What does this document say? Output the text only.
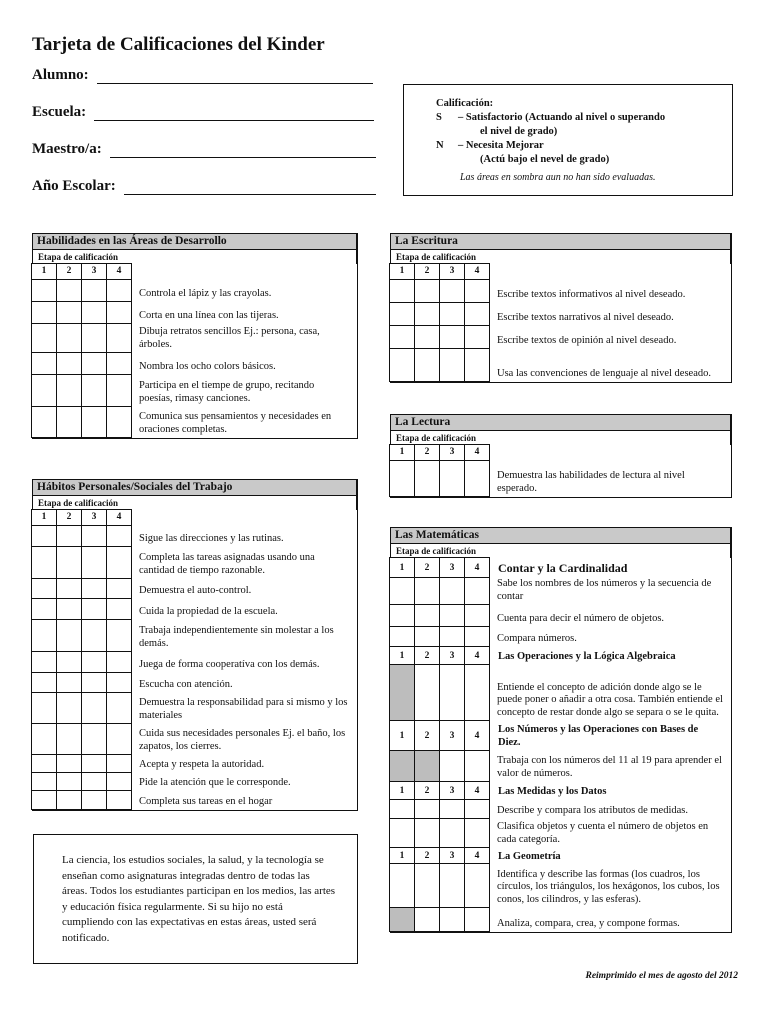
Tarjeta de Calificaciones del Kinder
Alumno:
Escuela:
Maestro/a:
Año Escolar:
Calificación:
S	– Satisfactorio (Actuando al nivel o superando
el nivel de grado)
N	– Necesita Mejorar
(Actú bajo el nevel de grado)
Las áreas en sombra aun no han sido evaluadas.
Habilidades en las Áreas de Desarrollo
Etapa de calificación
1	2	3	4
Controla el lápiz y las crayolas.
Corta en una línea con las tijeras.
Dibuja retratos sencillos Ej.: persona, casa, árboles.
Nombra los ocho colors básicos.
Participa en el tiempe de grupo, recitando poesías, rimasy canciones.
Comunica sus pensamientos y necesidades en oraciones completas.
Hábitos Personales/Sociales del Trabajo
Etapa de calificación
1	2	3	4
Sigue las direcciones y las rutinas.
Completa las tareas asignadas usando una cantidad de tiempo razonable.
Demuestra el auto-control.
Cuida la propiedad de la escuela.
Trabaja independientemente sin molestar a los demás.
Juega de forma cooperatíva con los demás.
Escucha con atención.
Demuestra la responsabilidad para si mismo y los materiales
Cuida sus necesidades personales Ej. el baño, los zapatos, los cierres.
Acepta y respeta la autoridad.
Pide la atención que le corresponde.
Completa sus tareas en el hogar
La Escritura
Etapa de calificación
1	2	3	4
Escribe textos informativos al nivel deseado.
Escribe textos narrativos al nivel deseado.
Escribe textos de opinión al nivel deseado.
Usa las convenciones de lenguaje al nivel deseado.
La Lectura
Etapa de calificación
1	2	3	4
Demuestra las habilidades de lectura al nivel esperado.
Las Matemáticas
Etapa de calificación
1	2	3	4	Contar y la Cardinalidad
Sabe los nombres de los números y la secuencia de contar
Cuenta para decir el número de objetos.
Compara números.
1	2	3	4	Las Operaciones y la Lógica Algebraica
Entiende el concepto de adición donde algo se le puede poner o añadir a otra cosa. También entiende el concepto de restar donde algo se separa o se le quita.
1	2	3	4
Los Números y las Operaciones con Bases de Diez.
Trabaja con los números del 11 al 19 para aprender el valor de números.
1	2	3	4	Las Medidas y los Datos
Describe y compara los atributos de medidas.
Clasifica objetos y cuenta el número de objetos en cada categoría.
1	2	3	4	La Geometría
Identifica y describe las formas (los cuadros, los círculos, los triángulos, los hexágonos, los cubos, los conos, los cilindros, y las esferas).
Analiza, compara, crea, y compone formas.
La ciencia, los estudios sociales, la salud, y la tecnología se enseñan como asignaturas integradas dentro de todas las áreas. Todos los estudiantes participan en los medios, las artes y educación física regularmente. Si su hijo no está cumpliendo con las expectativas en estas áreas, usted será notificado.
Reimprimido el mes de agosto del 2012
